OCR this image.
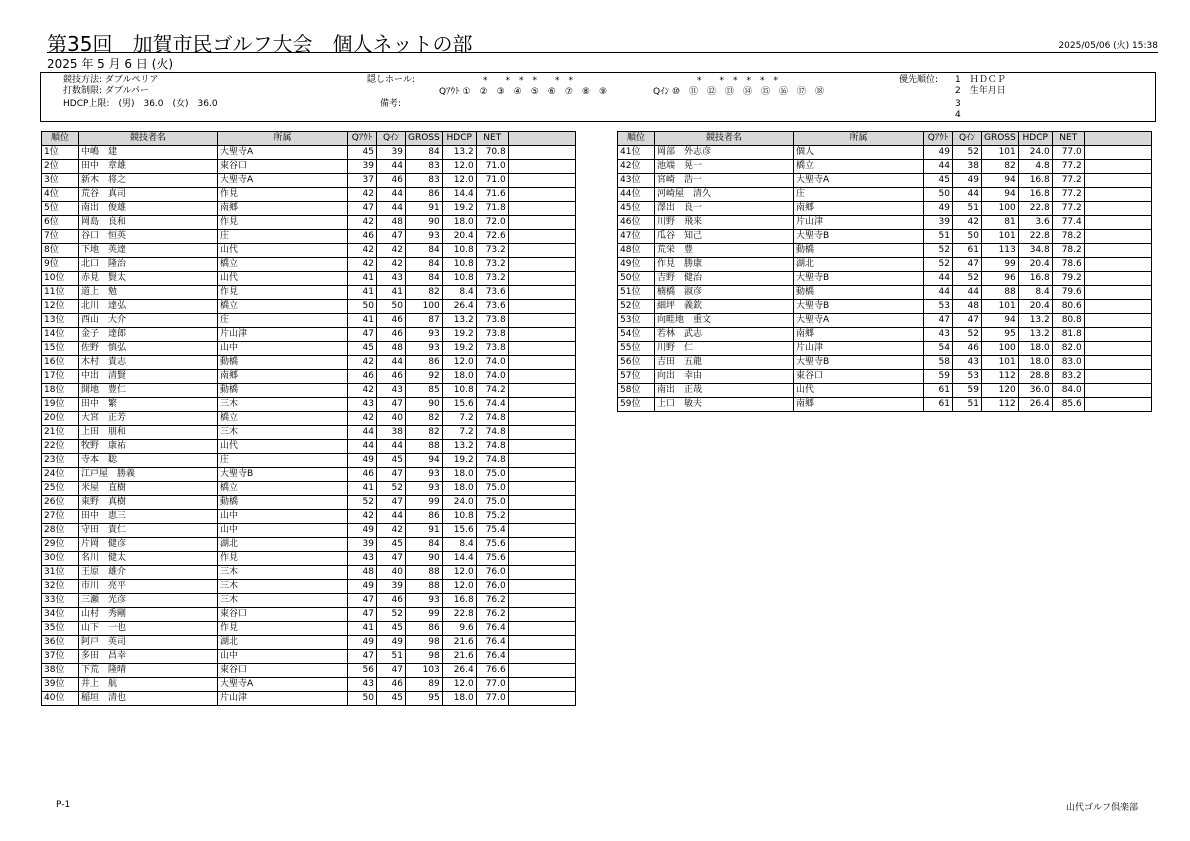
第35回　加賀市民ゴルフ大会　個人ネットの部	2025/05/06 (火) 15:38
2025 年 5 月 6 日 (火)
競技方法: ダブルペリア
打数制限: ダブルパー
HDCP上限:　(男)　36.0　(女)　36.0
隠しホール:	*　　*　*　*　　*　*
Qｱｳﾄ ①　②　③　④　⑤　⑥　⑦　⑧　⑨
*　　*　*　*　*　*
Qｲﾝ ⑩　⑪　⑫　⑬　⑭　⑮　⑯　⑰　⑱
備考:
優先順位: 1　ＨＤＣＰ
2　生年月日
3
4
順位	競技者名	所属	Qｱｳﾄ	Qｲﾝ	GROSS	HDCP	NET	
1位	中嶋　建	大聖寺A	45	39	84	13.2	70.8	
2位	田中　章雄	東谷口	39	44	83	12.0	71.0	
3位	新木　将之	大聖寺A	37	46	83	12.0	71.0	
4位	荒谷　真司	作見	42	44	86	14.4	71.6	
5位	南出　俊雄	南郷	47	44	91	19.2	71.8	
6位	岡島　良和	作見	42	48	90	18.0	72.0	
7位	谷口　恒英	庄	46	47	93	20.4	72.6	
8位	下地　英達	山代	42	42	84	10.8	73.2	
9位	北口　隆治	橋立	42	42	84	10.8	73.2	
10位	赤見　賢太	山代	41	43	84	10.8	73.2	
11位	道上　勉	作見	41	41	82	8.4	73.6	
12位	北川　達弘	橋立	50	50	100	26.4	73.6	
13位	西山　大介	庄	41	46	87	13.2	73.8	
14位	金子　達郎	片山津	47	46	93	19.2	73.8	
15位	佐野　慎弘	山中	45	48	93	19.2	73.8	
16位	木村　貴志	動橋	42	44	86	12.0	74.0	
17位	中出　清賢	南郷	46	46	92	18.0	74.0	
18位	開地　豊仁	動橋	42	43	85	10.8	74.2	
19位	田中　繁	三木	43	47	90	15.6	74.4	
20位	大宮　正芳	橋立	42	40	82	7.2	74.8	
21位	上田　朋和	三木	44	38	82	7.2	74.8	
22位	牧野　康祐	山代	44	44	88	13.2	74.8	
23位	寺本　聡	庄	49	45	94	19.2	74.8	
24位	江戸屋　勝義	大聖寺B	46	47	93	18.0	75.0	
25位	米屋　直樹	橋立	41	52	93	18.0	75.0	
26位	東野　真樹	動橋	52	47	99	24.0	75.0	
27位	田中　恵三	山中	42	44	86	10.8	75.2	
28位	守田　貴仁	山中	49	42	91	15.6	75.4	
29位	片岡　健彦	湖北	39	45	84	8.4	75.6	
30位	名川　健太	作見	43	47	90	14.4	75.6	
31位	王原　雄介	三木	48	40	88	12.0	76.0	
32位	市川　亮平	三木	49	39	88	12.0	76.0	
33位	三瀬　光彦	三木	47	46	93	16.8	76.2	
34位	山村　秀剛	東谷口	47	52	99	22.8	76.2	
35位	山下　一也	作見	41	45	86	9.6	76.4	
36位	阿戸　英司	湖北	49	49	98	21.6	76.4	
37位	多田　昌幸	山中	47	51	98	21.6	76.4	
38位	下荒　隆晴	東谷口	56	47	103	26.4	76.6	
39位	井上　航	大聖寺A	43	46	89	12.0	77.0	
40位	稲垣　清也	片山津	50	45	95	18.0	77.0	
順位	競技者名	所属	Qｱｳﾄ	Qｲﾝ	GROSS	HDCP	NET	
41位	岡部　外志彦	個人	49	52	101	24.0	77.0	
42位	池端　晃一	橋立	44	38	82	4.8	77.2	
43位	宮崎　浩一	大聖寺A	45	49	94	16.8	77.2	
44位	河崎屋　清久	庄	50	44	94	16.8	77.2	
45位	澤出　良一	南郷	49	51	100	22.8	77.2	
46位	川野　飛来	片山津	39	42	81	3.6	77.4	
47位	瓜谷　知己	大聖寺B	51	50	101	22.8	78.2	
48位	荒栄　豊	動橋	52	61	113	34.8	78.2	
49位	作見　勝康	湖北	52	47	99	20.4	78.6	
50位	吉野　健治	大聖寺B	44	52	96	16.8	79.2	
51位	楠橋　淑彦	動橋	44	44	88	8.4	79.6	
52位	細坪　義欽	大聖寺B	53	48	101	20.4	80.6	
53位	向畦地　重文	大聖寺A	47	47	94	13.2	80.8	
54位	若林　武志	南郷	43	52	95	13.2	81.8	
55位	川野　仁	片山津	54	46	100	18.0	82.0	
56位	吉田　五龍	大聖寺B	58	43	101	18.0	83.0	
57位	向出　幸由	東谷口	59	53	112	28.8	83.2	
58位	南出　正哉	山代	61	59	120	36.0	84.0	
59位	上口　敏夫	南郷	61	51	112	26.4	85.6	
P-1	山代ゴルフ倶楽部
